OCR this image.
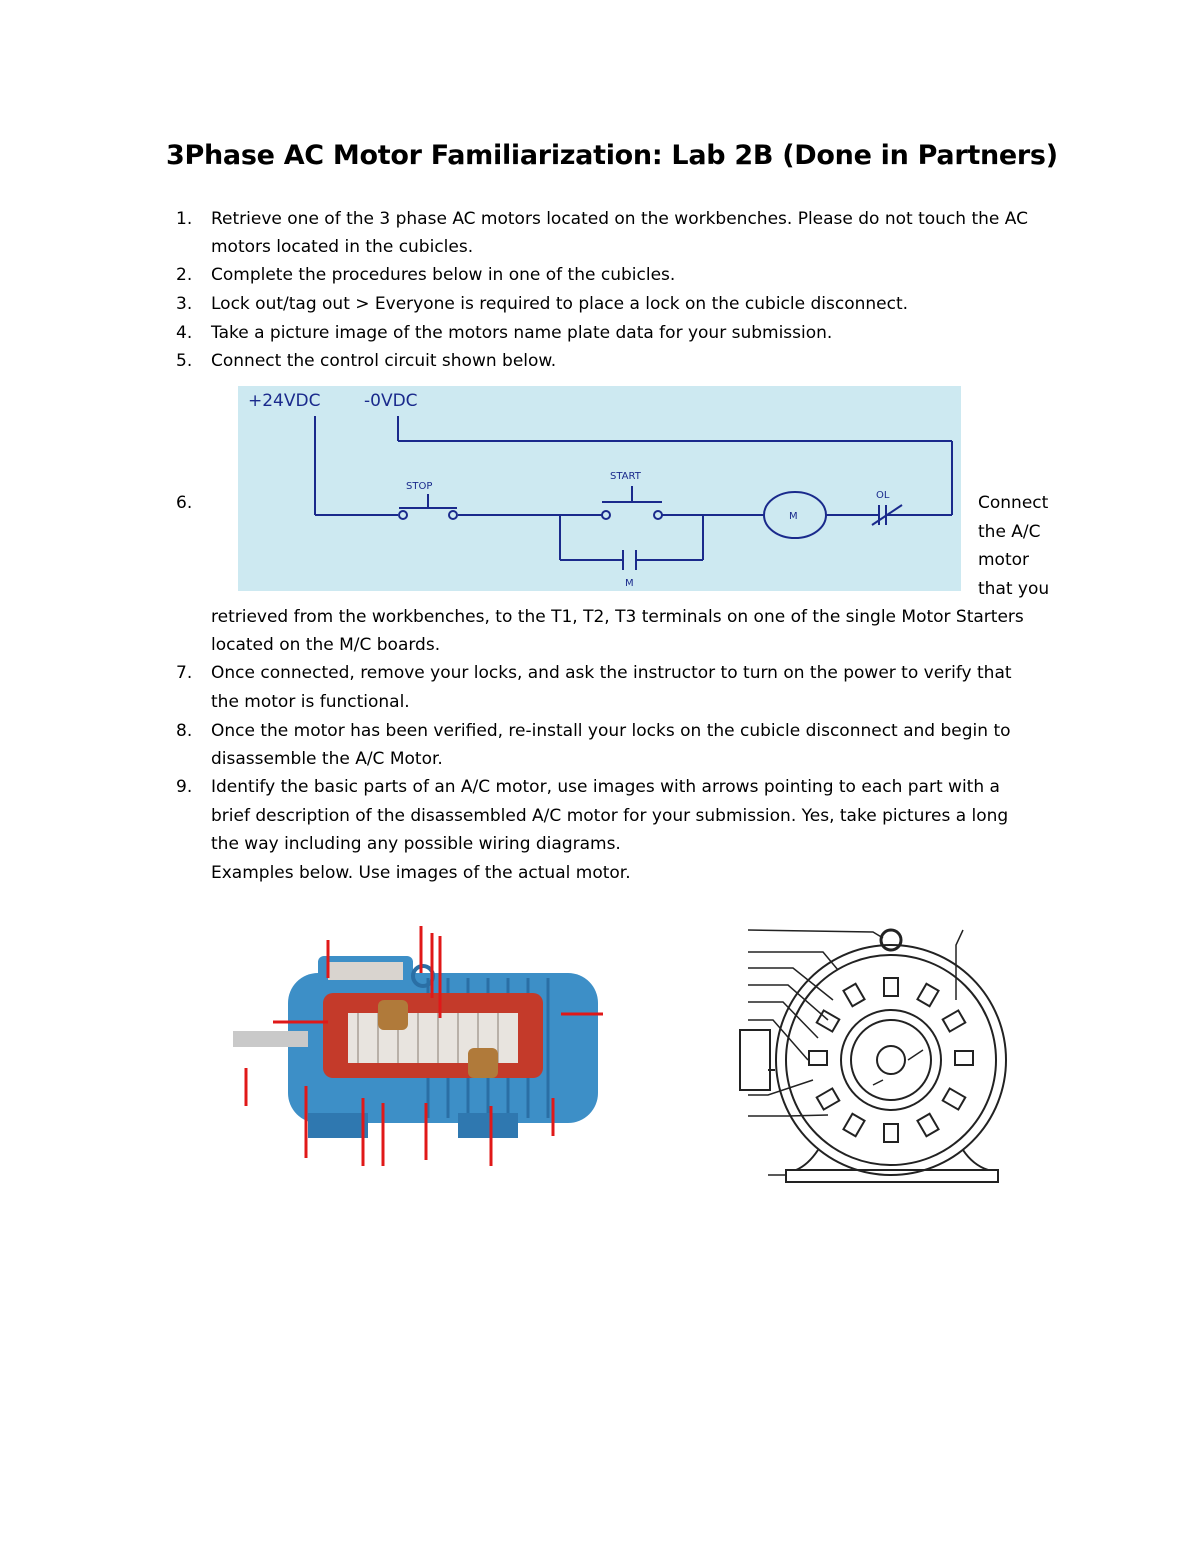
3Phase AC Motor Familiarization: Lab 2B (Done in Partners)
1. Retrieve one of the 3 phase AC motors located on the workbenches. Please do not touch the AC
motors located in the cubicles.
2. Complete the procedures below in one of the cubicles.
3. Lock out/tag out > Everyone is required to place a lock on the cubicle disconnect.
4. Take a picture image of the motors name plate data for your submission.
5. Connect the control circuit shown below.
6.
+24VDC	-0VDC
STOP
START
M
OL
M
Connect
the A/C
motor
that you
retrieved from the workbenches, to the T1, T2, T3 terminals on one of the single Motor Starters
located on the M/C boards.
7. Once connected, remove your locks, and ask the instructor to turn on the power to verify that
the motor is functional.
8. Once the motor has been verified, re-install your locks on the cubicle disconnect and begin to
disassemble the A/C Motor.
9. Identify the basic parts of an A/C motor, use images with arrows pointing to each part with a
brief description of the disassembled A/C motor for your submission. Yes, take pictures a long
the way including any possible wiring diagrams.
Examples below. Use images of the actual motor.
